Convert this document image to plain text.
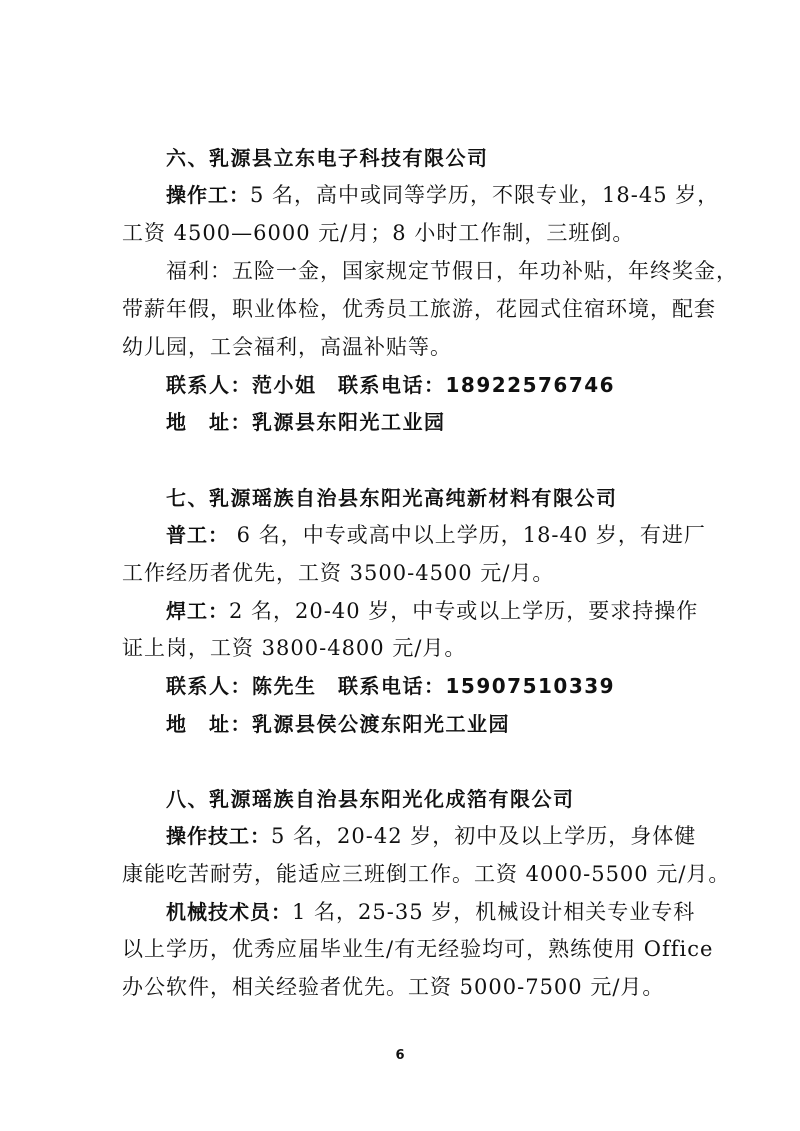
六、乳源县立东电子科技有限公司
操作工：5 名，高中或同等学历，不限专业，18-45 岁，
工资 4500—6000 元/月；8 小时工作制，三班倒。
福利：五险一金，国家规定节假日，年功补贴，年终奖金，
带薪年假，职业体检，优秀员工旅游，花园式住宿环境，配套
幼儿园，工会福利，高温补贴等。
联系人：范小姐　联系电话：18922576746
地　址：乳源县东阳光工业园
七、乳源瑶族自治县东阳光高纯新材料有限公司
普工： 6 名，中专或高中以上学历，18-40 岁，有进厂
工作经历者优先，工资 3500-4500 元/月。
焊工：2 名，20-40 岁，中专或以上学历，要求持操作
证上岗，工资 3800-4800 元/月。
联系人：陈先生　联系电话：15907510339
地　址：乳源县侯公渡东阳光工业园
八、乳源瑶族自治县东阳光化成箔有限公司
操作技工：5 名，20-42 岁，初中及以上学历，身体健
康能吃苦耐劳，能适应三班倒工作。工资 4000-5500 元/月。
机械技术员：1 名，25-35 岁，机械设计相关专业专科
以上学历，优秀应届毕业生/有无经验均可，熟练使用 Office
办公软件，相关经验者优先。工资 5000-7500 元/月。
6
